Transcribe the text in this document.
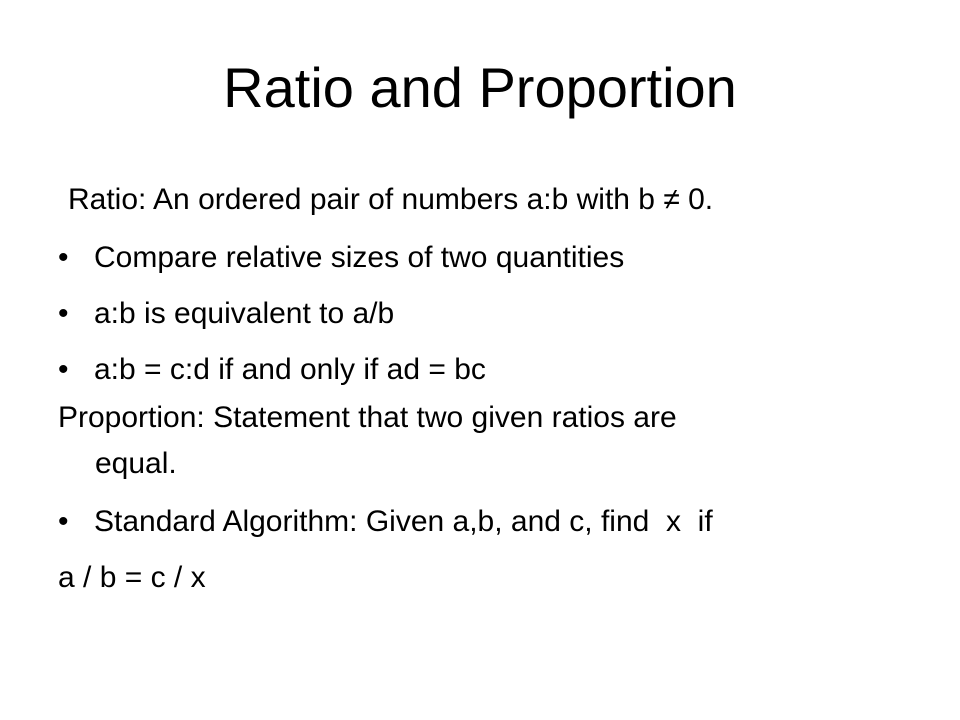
Ratio and Proportion

Ratio: An ordered pair of numbers a:b with b ≠ 0.

• Compare relative sizes of two quantities

• a:b is equivalent to a/b

• a:b = c:d if and only if ad = bc

Proportion: Statement that two given ratios are

equal.

• Standard Algorithm: Given a,b, and c, find  x  if

a / b = c / x
